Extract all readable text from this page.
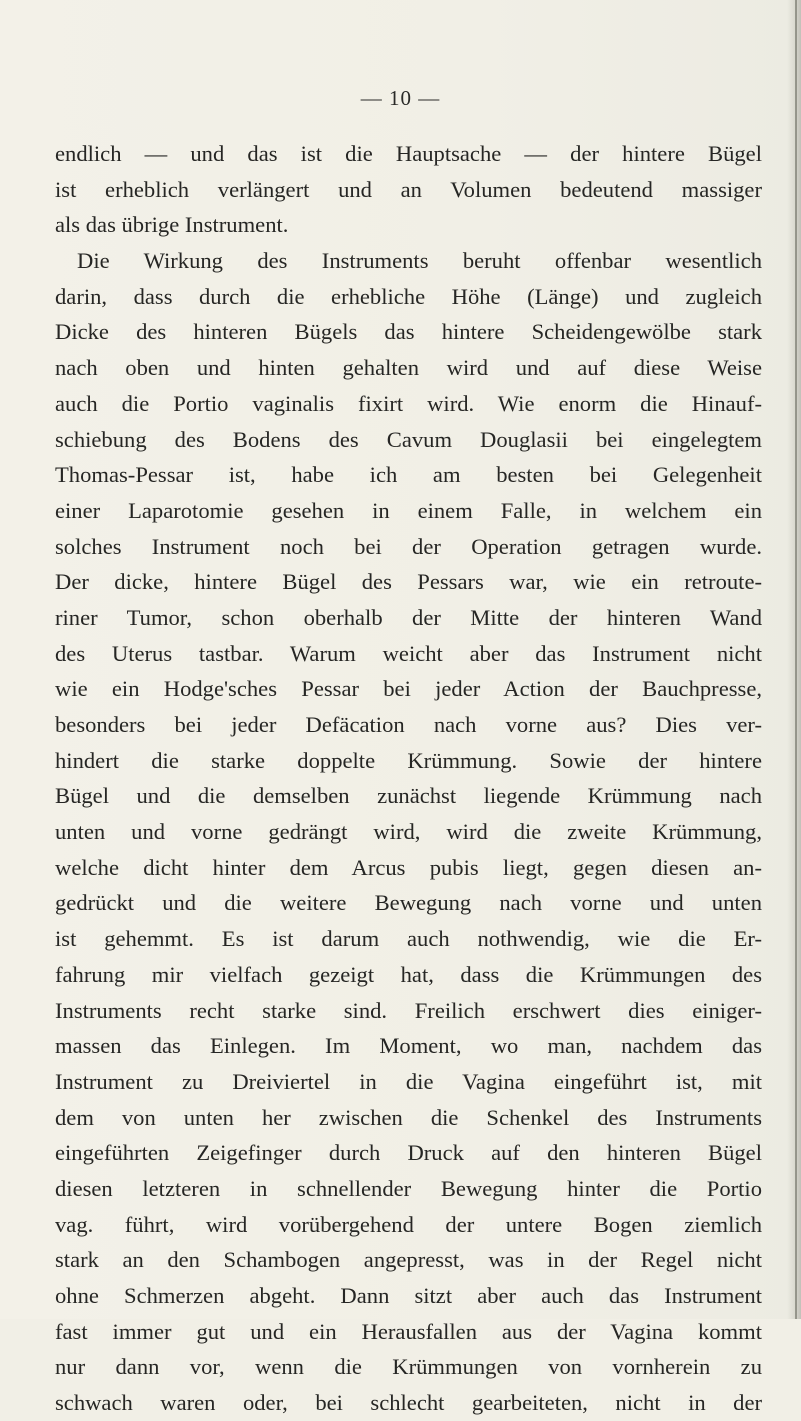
— 10 —
endlich — und das ist die Hauptsache — der hintere Bügel
ist erheblich verlängert und an Volumen bedeutend massiger
als das übrige Instrument.
Die Wirkung des Instruments beruht offenbar wesentlich
darin, dass durch die erhebliche Höhe (Länge) und zugleich
Dicke des hinteren Bügels das hintere Scheidengewölbe stark
nach oben und hinten gehalten wird und auf diese Weise
auch die Portio vaginalis fixirt wird. Wie enorm die Hinauf-
schiebung des Bodens des Cavum Douglasii bei eingelegtem
Thomas-Pessar ist, habe ich am besten bei Gelegenheit
einer Laparotomie gesehen in einem Falle, in welchem ein
solches Instrument noch bei der Operation getragen wurde.
Der dicke, hintere Bügel des Pessars war, wie ein retroute-
riner Tumor, schon oberhalb der Mitte der hinteren Wand
des Uterus tastbar. Warum weicht aber das Instrument nicht
wie ein Hodge'sches Pessar bei jeder Action der Bauchpresse,
besonders bei jeder Defäcation nach vorne aus? Dies ver-
hindert die starke doppelte Krümmung. Sowie der hintere
Bügel und die demselben zunächst liegende Krümmung nach
unten und vorne gedrängt wird, wird die zweite Krümmung,
welche dicht hinter dem Arcus pubis liegt, gegen diesen an-
gedrückt und die weitere Bewegung nach vorne und unten
ist gehemmt. Es ist darum auch nothwendig, wie die Er-
fahrung mir vielfach gezeigt hat, dass die Krümmungen des
Instruments recht starke sind. Freilich erschwert dies einiger-
massen das Einlegen. Im Moment, wo man, nachdem das
Instrument zu Dreiviertel in die Vagina eingeführt ist, mit
dem von unten her zwischen die Schenkel des Instruments
eingeführten Zeigefinger durch Druck auf den hinteren Bügel
diesen letzteren in schnellender Bewegung hinter die Portio
vag. führt, wird vorübergehend der untere Bogen ziemlich
stark an den Schambogen angepresst, was in der Regel nicht
ohne Schmerzen abgeht. Dann sitzt aber auch das Instrument
fast immer gut und ein Herausfallen aus der Vagina kommt
nur dann vor, wenn die Krümmungen von vornherein zu
schwach waren oder, bei schlecht gearbeiteten, nicht in der
